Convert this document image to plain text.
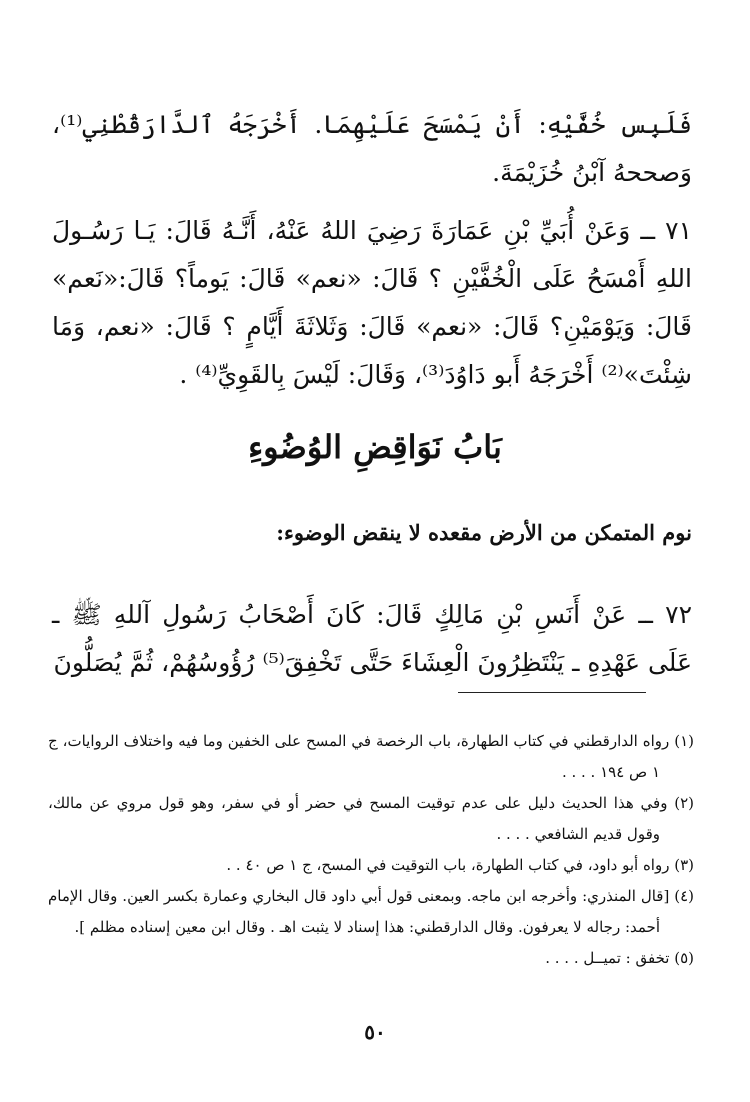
فَلَبِس خُفَّيْهِ: أَنْ يَمْسَحَ عَلَيْهِمَا. أَخْرَجَهُ ٱلدَّارَقُطْنِي⁽¹⁾، وَصححهُ آبْنُ خُزَيْمَةَ.

٧١ ــ وَعَنْ أُبَيِّ بْنِ عَمَارَةَ رَضِيَ اللهُ عَنْهُ، أَنَّـهُ قَالَ: يَـا رَسُـولَ اللهِ أَمْسَحُ عَلَى الْخُفَّيْنِ ؟ قَالَ: «نعم» قَالَ: يَوماً؟ قَالَ:«نَعم» قَالَ: وَيَوْمَيْنِ؟ قَالَ: «نعم» قَالَ: وَثَلاثَةَ أَيَّامٍ ؟ قَالَ: «نعم، وَمَا شِئْتَ»⁽²⁾ أَخْرَجَهُ أَبو دَاوُدَ⁽³⁾، وَقَالَ: لَيْسَ بِالقَوِيِّ⁽⁴⁾ .

بَابُ نَوَاقِضِ الوُضُوءِ
نوم المتمكن من الأرض مقعده لا ينقض الوضوء:

٧٢ ــ عَنْ أَنَسِ بْنِ مَالِكٍ قَالَ: كَانَ أَصْحَابُ رَسُولِ آللهِ ﷺ ـ عَلَى عَهْدِهِ ـ يَنْتَظِرُونَ الْعِشَاءَ حَتَّى تَخْفِقَ⁽⁵⁾ رُؤُوسُهُمْ، ثُمَّ يُصَلُّونَ

(١) رواه الدارقطني في كتاب الطهارة، باب الرخصة في المسح على الخفين وما فيه واختلاف الروايات، ج ١ ص ١٩٤ . . . .

(٢) وفي هذا الحديث دليل على عدم توقيت المسح في حضر أو في سفر، وهو قول مروي عن مالك، وقول قديم الشافعي . . . .

(٣) رواه أبو داود، في كتاب الطهارة، باب التوقيت في المسح، ج ١ ص ٤٠ . .

(٤) [قال المنذري: وأخرجه ابن ماجه. وبمعنى قول أبي داود قال البخاري وعمارة بكسر العين. وقال الإمام أحمد: رجاله لا يعرفون. وقال الدارقطني: هذا إسناد لا يثبت اهـ . وقال ابن معين إسناده مظلم ].

(٥) تخفق : تميــل . . . .

٥٠
